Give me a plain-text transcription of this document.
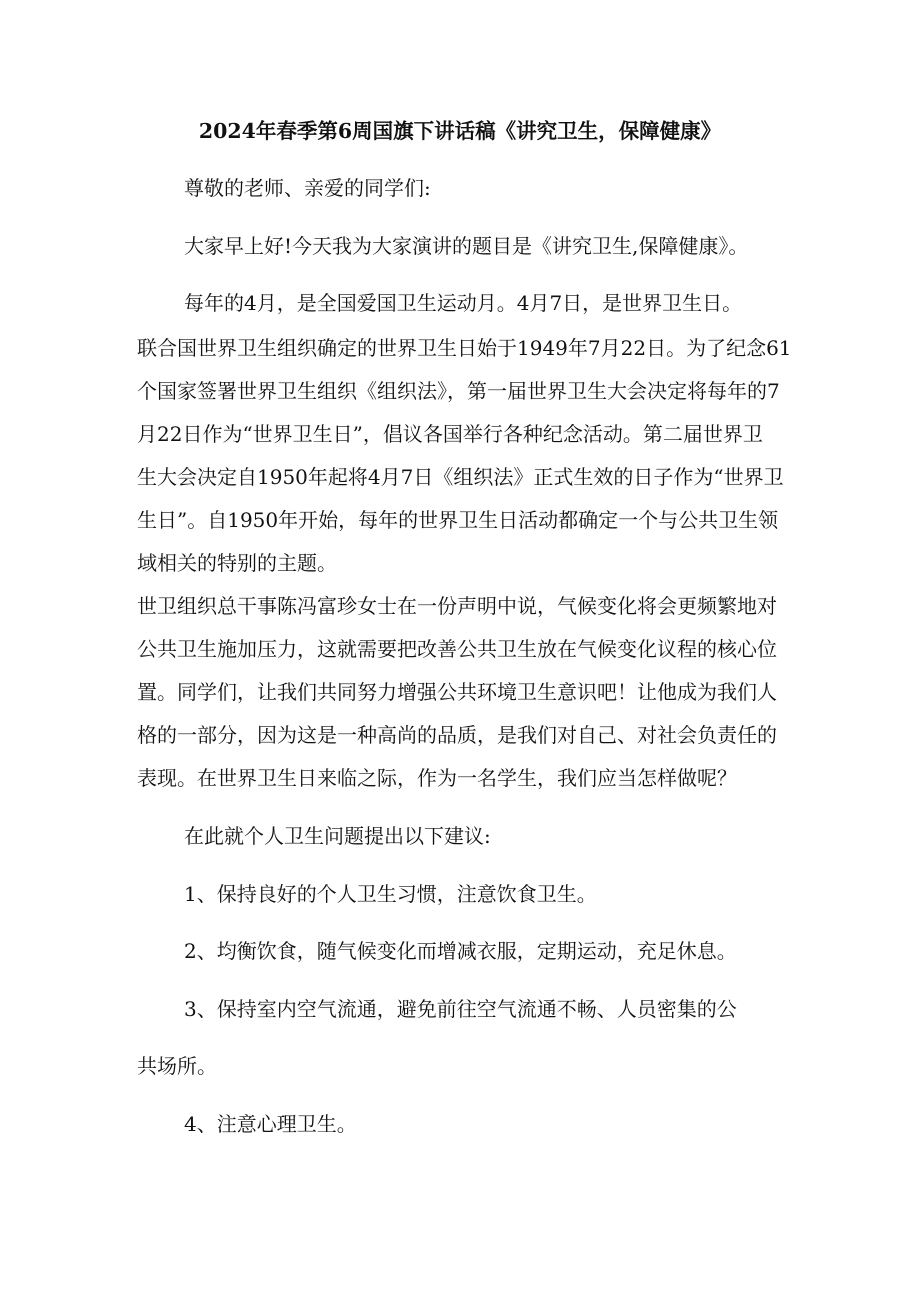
2024年春季第6周国旗下讲话稿《讲究卫生，保障健康》

尊敬的老师、亲爱的同学们:

大家早上好!今天我为大家演讲的题目是《讲究卫生,保障健康》。

每年的4月，是全国爱国卫生运动月。4月7日，是世界卫生日。

联合国世界卫生组织确定的世界卫生日始于1949年7月22日。为了纪念61

个国家签署世界卫生组织《组织法》，第一届世界卫生大会决定将每年的7

月22日作为“世界卫生日”，倡议各国举行各种纪念活动。第二届世界卫

生大会决定自1950年起将4月7日《组织法》正式生效的日子作为“世界卫

生日”。自1950年开始，每年的世界卫生日活动都确定一个与公共卫生领

域相关的特别的主题。

世卫组织总干事陈冯富珍女士在一份声明中说，气候变化将会更频繁地对

公共卫生施加压力，这就需要把改善公共卫生放在气候变化议程的核心位

置。同学们，让我们共同努力增强公共环境卫生意识吧！让他成为我们人

格的一部分，因为这是一种高尚的品质，是我们对自己、对社会负责任的

表现。在世界卫生日来临之际，作为一名学生，我们应当怎样做呢？

在此就个人卫生问题提出以下建议:

1、保持良好的个人卫生习惯，注意饮食卫生。

2、均衡饮食，随气候变化而增减衣服，定期运动，充足休息。

3、保持室内空气流通，避免前往空气流通不畅、人员密集的公

共场所。

4、注意心理卫生。
